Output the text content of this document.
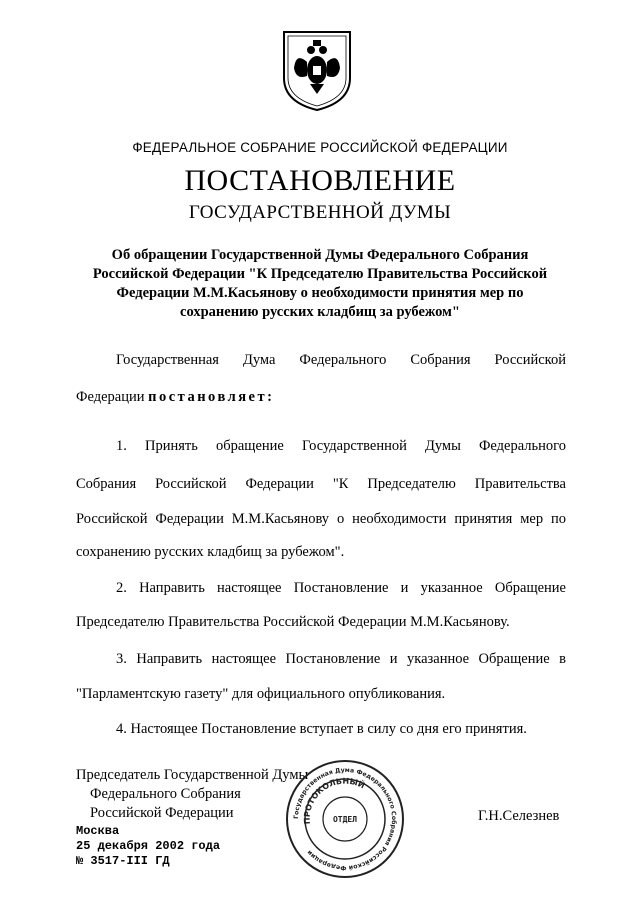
ФЕДЕРАЛЬНОЕ СОБРАНИЕ РОССИЙСКОЙ ФЕДЕРАЦИИ
ПОСТАНОВЛЕНИЕ
ГОСУДАРСТВЕННОЙ ДУМЫ
Об обращении Государственной Думы Федерального Собрания
Российской Федерации "К Председателю Правительства Российской
Федерации М.М.Касьянову о необходимости принятия мер по
сохранению русских кладбищ за рубежом"
Государственная Дума Федерального Собрания Российской
Федерации постановляет:
1. Принять обращение Государственной Думы Федерального
Собрания Российской Федерации "К Председателю Правительства
Российской Федерации М.М.Касьянову о необходимости принятия мер по
сохранению русских кладбищ за рубежом".
2. Направить настоящее Постановление и указанное Обращение
Председателю Правительства Российской Федерации М.М.Касьянову.
3. Направить настоящее Постановление и указанное Обращение в
"Парламентскую газету" для официального опубликования.
4. Настоящее Постановление вступает в силу со дня его принятия.
Председатель Государственной Думы
Федерального Собрания
Российской Федерации	Г.Н.Селезнев
Москва
25 декабря 2002 года
№ 3517-III ГД
Государственная Дума Федерального Собрания Российской Федерации
ПРОТОКОЛЬНЫЙ
ОТДЕЛ
